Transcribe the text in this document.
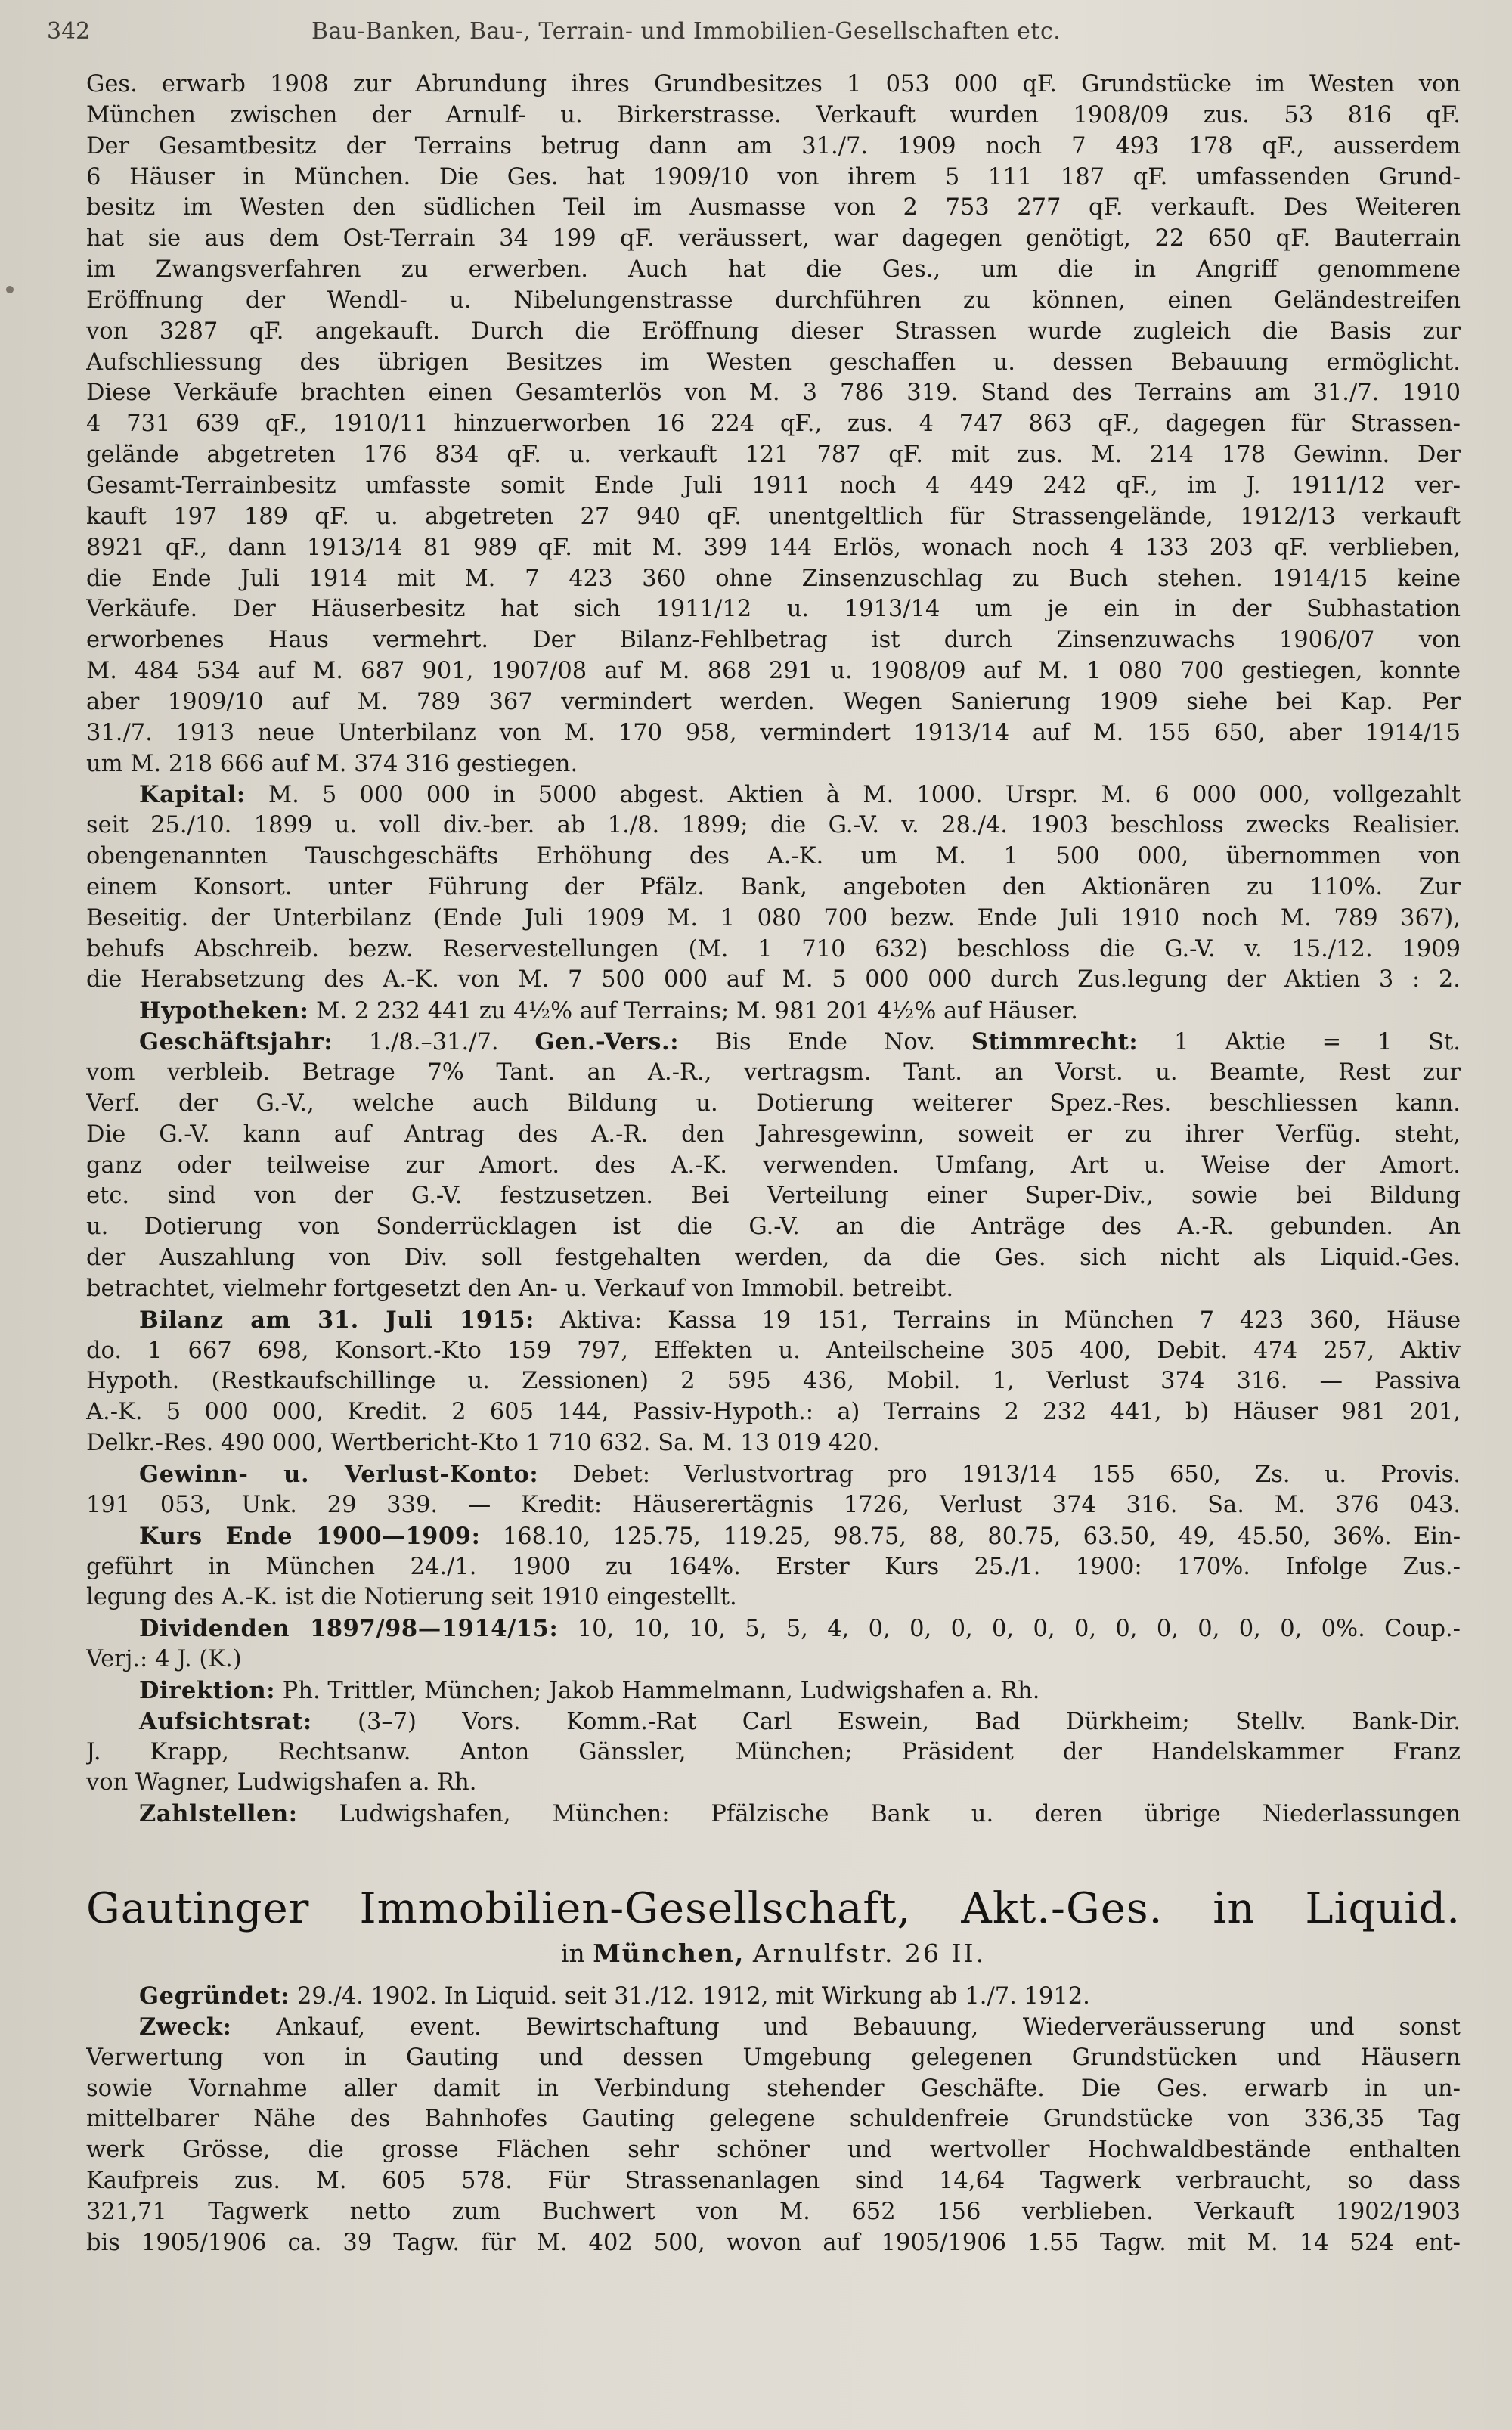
342	Bau-Banken, Bau-, Terrain- und Immobilien-Gesellschaften etc.
Ges. erwarb 1908 zur Abrundung ihres Grundbesitzes 1 053 000 qF. Grundstücke im Westen von
München zwischen der Arnulf- u. Birkerstrasse. Verkauft wurden 1908/09 zus. 53 816 qF.
Der Gesamtbesitz der Terrains betrug dann am 31./7. 1909 noch 7 493 178 qF., ausserdem
6 Häuser in München. Die Ges. hat 1909/10 von ihrem 5 111 187 qF. umfassenden Grund-
besitz im Westen den südlichen Teil im Ausmasse von 2 753 277 qF. verkauft. Des Weiteren
hat sie aus dem Ost-Terrain 34 199 qF. veräussert, war dagegen genötigt, 22 650 qF. Bauterrain
im Zwangsverfahren zu erwerben. Auch hat die Ges., um die in Angriff genommene
Eröffnung der Wendl- u. Nibelungenstrasse durchführen zu können, einen Geländestreifen
von 3287 qF. angekauft. Durch die Eröffnung dieser Strassen wurde zugleich die Basis zur
Aufschliessung des übrigen Besitzes im Westen geschaffen u. dessen Bebauung ermöglicht.
Diese Verkäufe brachten einen Gesamterlös von M. 3 786 319. Stand des Terrains am 31./7. 1910
4 731 639 qF., 1910/11 hinzuerworben 16 224 qF., zus. 4 747 863 qF., dagegen für Strassen-
gelände abgetreten 176 834 qF. u. verkauft 121 787 qF. mit zus. M. 214 178 Gewinn. Der
Gesamt-Terrainbesitz umfasste somit Ende Juli 1911 noch 4 449 242 qF., im J. 1911/12 ver-
kauft 197 189 qF. u. abgetreten 27 940 qF. unentgeltlich für Strassengelände, 1912/13 verkauft
8921 qF., dann 1913/14 81 989 qF. mit M. 399 144 Erlös, wonach noch 4 133 203 qF. verblieben,
die Ende Juli 1914 mit M. 7 423 360 ohne Zinsenzuschlag zu Buch stehen. 1914/15 keine
Verkäufe. Der Häuserbesitz hat sich 1911/12 u. 1913/14 um je ein in der Subhastation
erworbenes Haus vermehrt. Der Bilanz-Fehlbetrag ist durch Zinsenzuwachs 1906/07 von
M. 484 534 auf M. 687 901, 1907/08 auf M. 868 291 u. 1908/09 auf M. 1 080 700 gestiegen, konnte
aber 1909/10 auf M. 789 367 vermindert werden. Wegen Sanierung 1909 siehe bei Kap. Per
31./7. 1913 neue Unterbilanz von M. 170 958, vermindert 1913/14 auf M. 155 650, aber 1914/15
um M. 218 666 auf M. 374 316 gestiegen.
Kapital: M. 5 000 000 in 5000 abgest. Aktien à M. 1000. Urspr. M. 6 000 000, vollgezahlt
seit 25./10. 1899 u. voll div.-ber. ab 1./8. 1899; die G.-V. v. 28./4. 1903 beschloss zwecks Realisier.
obengenannten Tauschgeschäfts Erhöhung des A.-K. um M. 1 500 000, übernommen von
einem Konsort. unter Führung der Pfälz. Bank, angeboten den Aktionären zu 110%. Zur
Beseitig. der Unterbilanz (Ende Juli 1909 M. 1 080 700 bezw. Ende Juli 1910 noch M. 789 367),
behufs Abschreib. bezw. Reservestellungen (M. 1 710 632) beschloss die G.-V. v. 15./12. 1909
die Herabsetzung des A.-K. von M. 7 500 000 auf M. 5 000 000 durch Zus.legung der Aktien 3 : 2.
Hypotheken: M. 2 232 441 zu 4½% auf Terrains; M. 981 201 4½% auf Häuser.
Geschäftsjahr: 1./8.–31./7. Gen.-Vers.: Bis Ende Nov. Stimmrecht: 1 Aktie = 1 St.
vom verbleib. Betrage 7% Tant. an A.-R., vertragsm. Tant. an Vorst. u. Beamte, Rest zur
Verf. der G.-V., welche auch Bildung u. Dotierung weiterer Spez.-Res. beschliessen kann.
Die G.-V. kann auf Antrag des A.-R. den Jahresgewinn, soweit er zu ihrer Verfüg. steht,
ganz oder teilweise zur Amort. des A.-K. verwenden. Umfang, Art u. Weise der Amort.
etc. sind von der G.-V. festzusetzen. Bei Verteilung einer Super-Div., sowie bei Bildung
u. Dotierung von Sonderrücklagen ist die G.-V. an die Anträge des A.-R. gebunden. An
der Auszahlung von Div. soll festgehalten werden, da die Ges. sich nicht als Liquid.-Ges.
betrachtet, vielmehr fortgesetzt den An- u. Verkauf von Immobil. betreibt.
Bilanz am 31. Juli 1915: Aktiva: Kassa 19 151, Terrains in München 7 423 360, Häuse
do. 1 667 698, Konsort.-Kto 159 797, Effekten u. Anteilscheine 305 400, Debit. 474 257, Aktiv
Hypoth. (Restkaufschillinge u. Zessionen) 2 595 436, Mobil. 1, Verlust 374 316. — Passiva
A.-K. 5 000 000, Kredit. 2 605 144, Passiv-Hypoth.: a) Terrains 2 232 441, b) Häuser 981 201,
Delkr.-Res. 490 000, Wertbericht-Kto 1 710 632. Sa. M. 13 019 420.
Gewinn- u. Verlust-Konto: Debet: Verlustvortrag pro 1913/14 155 650, Zs. u. Provis.
191 053, Unk. 29 339. — Kredit: Häuserertägnis 1726, Verlust 374 316. Sa. M. 376 043.
Kurs Ende 1900—1909: 168.10, 125.75, 119.25, 98.75, 88, 80.75, 63.50, 49, 45.50, 36%. Ein-
geführt in München 24./1. 1900 zu 164%. Erster Kurs 25./1. 1900: 170%. Infolge Zus.-
legung des A.-K. ist die Notierung seit 1910 eingestellt.
Dividenden 1897/98—1914/15: 10, 10, 10, 5, 5, 4, 0, 0, 0, 0, 0, 0, 0, 0, 0, 0, 0, 0%. Coup.-
Verj.: 4 J. (K.)
Direktion: Ph. Trittler, München; Jakob Hammelmann, Ludwigshafen a. Rh.
Aufsichtsrat: (3–7) Vors. Komm.-Rat Carl Eswein, Bad Dürkheim; Stellv. Bank-Dir.
J. Krapp, Rechtsanw. Anton Gänssler, München; Präsident der Handelskammer Franz
von Wagner, Ludwigshafen a. Rh.
Zahlstellen: Ludwigshafen, München: Pfälzische Bank u. deren übrige Niederlassungen
Gautinger Immobilien-Gesellschaft, Akt.-Ges. in Liquid.
in München, Arnulfstr. 26 II.
Gegründet: 29./4. 1902. In Liquid. seit 31./12. 1912, mit Wirkung ab 1./7. 1912.
Zweck: Ankauf, event. Bewirtschaftung und Bebauung, Wiederveräusserung und sonst
Verwertung von in Gauting und dessen Umgebung gelegenen Grundstücken und Häusern
sowie Vornahme aller damit in Verbindung stehender Geschäfte. Die Ges. erwarb in un-
mittelbarer Nähe des Bahnhofes Gauting gelegene schuldenfreie Grundstücke von 336,35 Tag
werk Grösse, die grosse Flächen sehr schöner und wertvoller Hochwaldbestände enthalten
Kaufpreis zus. M. 605 578. Für Strassenanlagen sind 14,64 Tagwerk verbraucht, so dass
321,71 Tagwerk netto zum Buchwert von M. 652 156 verblieben. Verkauft 1902/1903
bis 1905/1906 ca. 39 Tagw. für M. 402 500, wovon auf 1905/1906 1.55 Tagw. mit M. 14 524 ent-
